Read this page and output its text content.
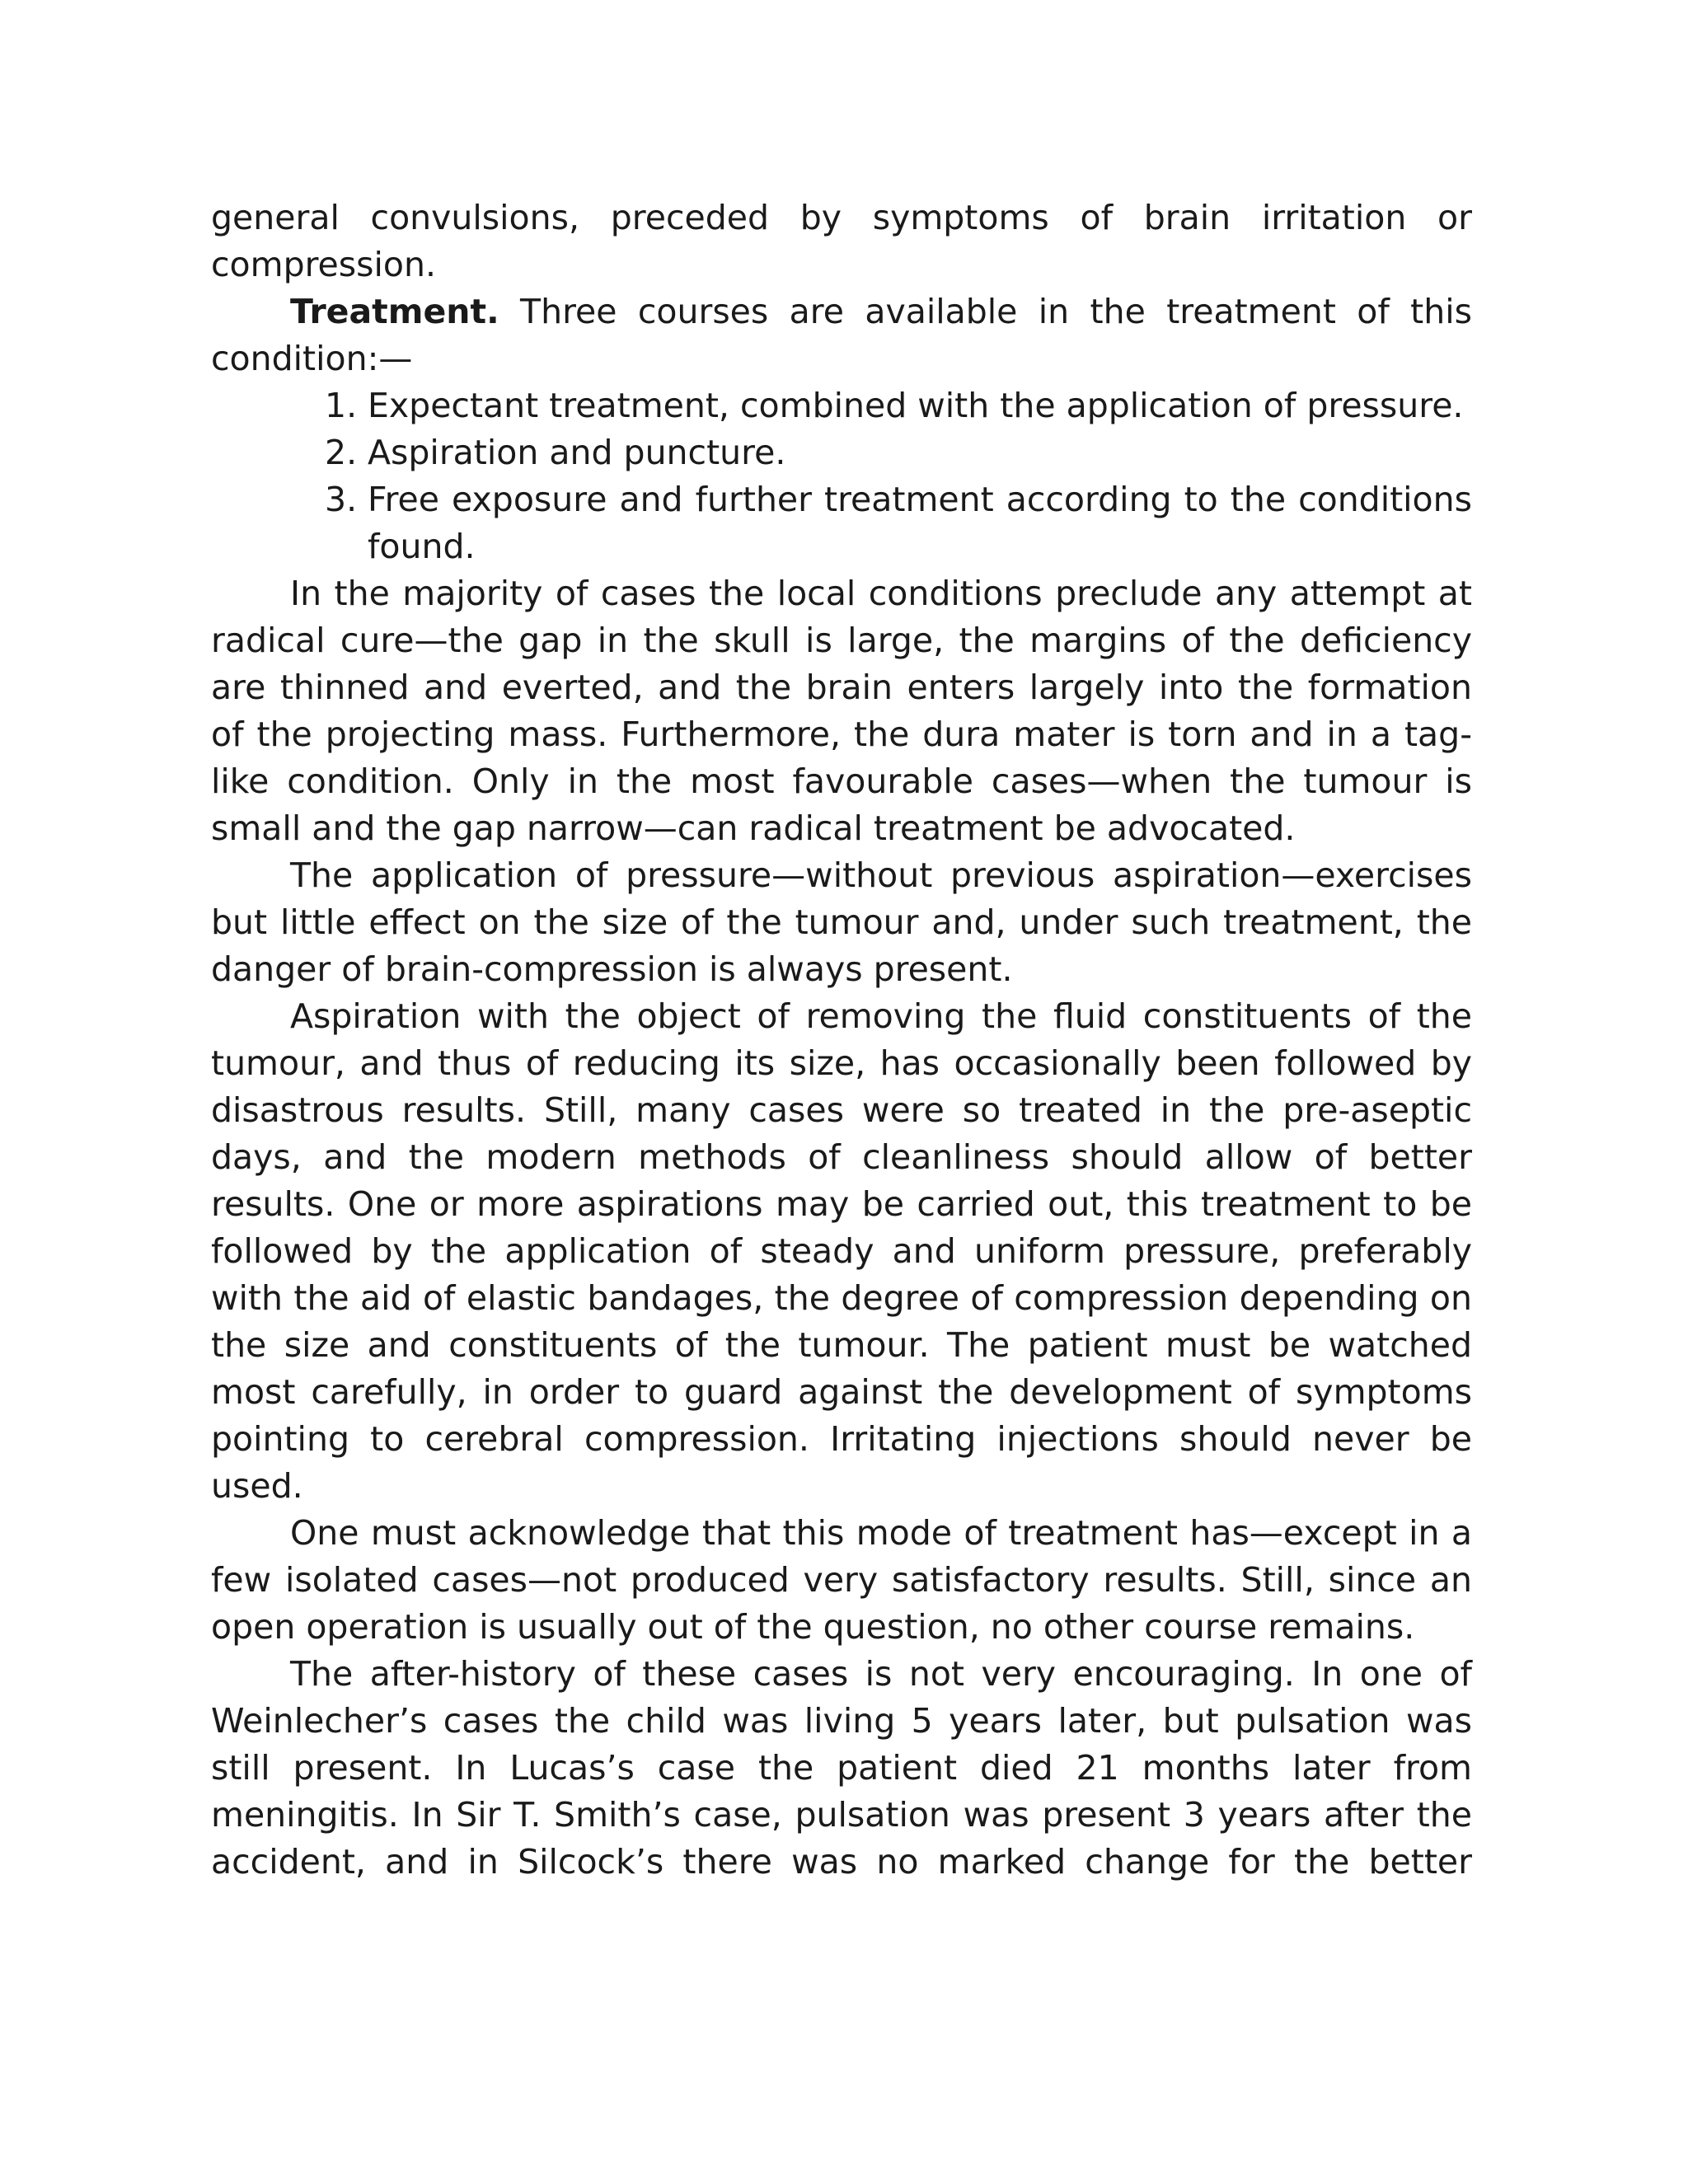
general convulsions, preceded by symptoms of brain irritation or compression.

Treatment. Three courses are available in the treatment of this condition:—

1. Expectant treatment, combined with the application of pressure.

2. Aspiration and puncture.

3. Free exposure and further treatment according to the conditions found.

In the majority of cases the local conditions preclude any attempt at radical cure—the gap in the skull is large, the margins of the deficiency are thinned and everted, and the brain enters largely into the formation of the projecting mass. Furthermore, the dura mater is torn and in a tag-like condition. Only in the most favourable cases—when the tumour is small and the gap narrow—can radical treatment be advocated.

The application of pressure—without previous aspiration—exercises but little effect on the size of the tumour and, under such treatment, the danger of brain-compression is always present.

Aspiration with the object of removing the fluid constituents of the tumour, and thus of reducing its size, has occasionally been followed by disastrous results. Still, many cases were so treated in the pre-aseptic days, and the modern methods of cleanliness should allow of better results. One or more aspirations may be carried out, this treatment to be followed by the application of steady and uniform pressure, preferably with the aid of elastic bandages, the degree of compression depending on the size and constituents of the tumour. The patient must be watched most carefully, in order to guard against the development of symptoms pointing to cerebral compression. Irritating injections should never be used.

One must acknowledge that this mode of treatment has—except in a few isolated cases—not produced very satisfactory results. Still, since an open operation is usually out of the question, no other course remains.

The after-history of these cases is not very encouraging. In one of Weinlecher’s cases the child was living 5 years later, but pulsation was still present. In Lucas’s case the patient died 21 months later from meningitis. In Sir T. Smith’s case, pulsation was present 3 years after the accident, and in Silcock’s there was no marked change for the better
